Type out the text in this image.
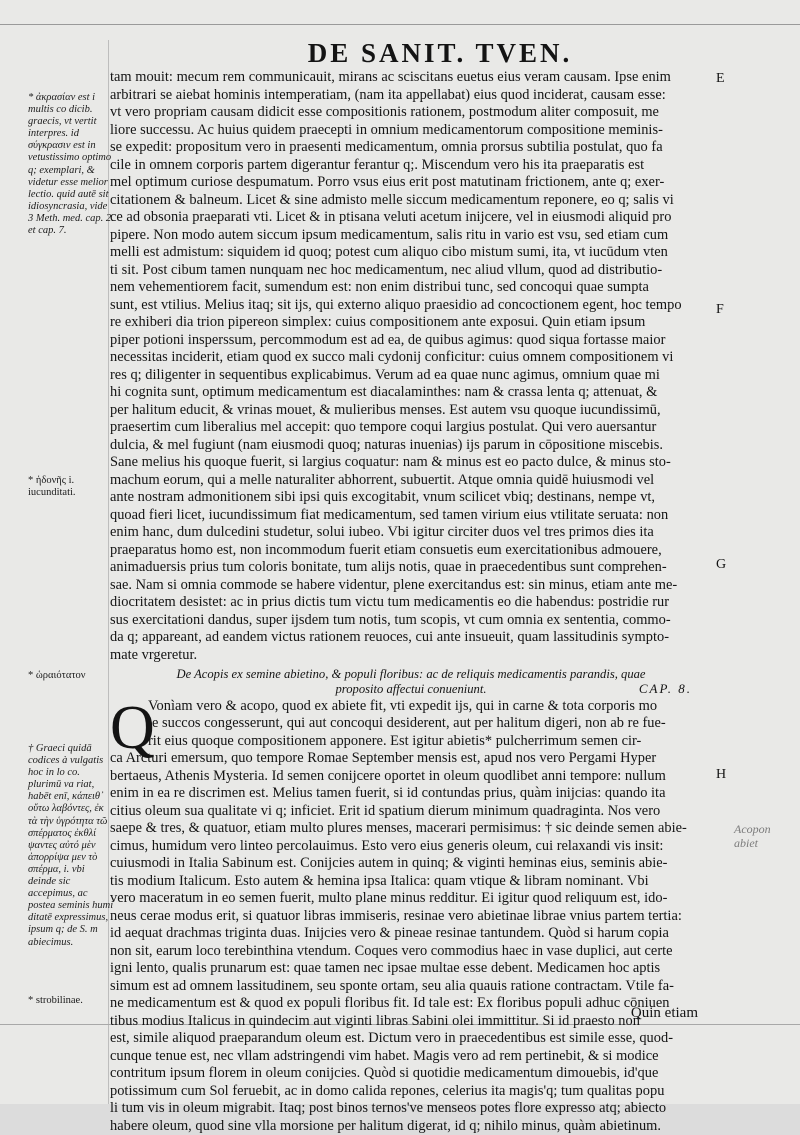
DE SANIT. TVEN.
* ἀκρασίαν est i multis co dicib. graecis, vt vertit interpres. id σύγκρασιν est in vetustissimo optimo q; exemplari, & videtur esse melior lectio. quid autē sit idiosyncrasia, vide 3 Meth. med. cap. 2. et cap. 7.
* ἡδονῆς i. iucunditati.
* ὡραιότατον
† Graeci quidā codices à vulgatis hoc in lo co. plurimū va riat, habēt enī, κάπειθ᾽ οὕτω λαβόντες, ἐκ τὰ τὴν ὑγρότητα τῶ σπέρματος ἐκθλί ψαντες αὐτό μὲν ἀπορρίψα μεν τὸ σπέρμα, i. vbi deinde sic accepimus, ac postea seminis humi ditatē expressimus, ipsum q; de S. m abiecimus.
* strobilinae.
tam mouit: mecum rem communicauit, mirans ac sciscitans euetus eius veram causam. Ipse enim
arbitrari se aiebat hominis intemperatiam, (nam ita appellabat) eius quod inciderat, causam esse:
vt vero propriam causam didicit esse compositionis rationem, postmodum aliter composuit, me
liore successu. Ac huius quidem praecepti in omnium medicamentorum compositione meminis-
se expedit: propositum vero in praesenti medicamentum, omnia prorsus subtilia postulat, quo fa
cile in omnem corporis partem digerantur ferantur q;. Miscendum vero his ita praeparatis est
mel optimum curiose despumatum. Porro vsus eius erit post matutinam frictionem, ante q; exer-
citationem & balneum. Licet & sine admisto melle siccum medicamentum reponere, eo q; salis vi
ce ad obsonia praeparati vti. Licet & in ptisana veluti acetum inijcere, vel in eiusmodi aliquid pro
pipere. Non modo autem siccum ipsum medicamentum, salis ritu in vario est vsu, sed etiam cum
melli est admistum: siquidem id quoq; potest cum aliquo cibo mistum sumi, ita, vt iucūdum vten
ti sit. Post cibum tamen nunquam nec hoc medicamentum, nec aliud vllum, quod ad distributio-
nem vehementiorem facit, sumendum est: non enim distribui tunc, sed concoqui quae sumpta
sunt, est vtilius. Melius itaq; sit ijs, qui externo aliquo praesidio ad concoctionem egent, hoc tempo
re exhiberi dia trion pipereon simplex: cuius compositionem ante exposui. Quin etiam ipsum
piper potioni insperssum, percommodum est ad ea, de quibus agimus: quod siqua fortasse maior
necessitas inciderit, etiam quod ex succo mali cydonij conficitur: cuius omnem compositionem vi
res q; diligenter in sequentibus explicabimus. Verum ad ea quae nunc agimus, omnium quae mi
hi cognita sunt, optimum medicamentum est diacalaminthes: nam & crassa lenta q; attenuat, &
per halitum educit, & vrinas mouet, & mulieribus menses. Est autem vsu quoque iucundissimū,
praesertim cum liberalius mel accepit: quo tempore coqui largius postulat. Qui vero auersantur
dulcia, & mel fugiunt (nam eiusmodi quoq; naturas inuenias) ijs parum in cōpositione miscebis.
Sane melius his quoque fuerit, si largius coquatur: nam & minus est eo pacto dulce, & minus sto-
machum eorum, qui a melle naturaliter abhorrent, subuertit. Atque omnia quidē huiusmodi vel
ante nostram admonitionem sibi ipsi quis excogitabit, vnum scilicet vbiq; destinans, nempe vt,
quoad fieri licet, iucundissimum fiat medicamentum, sed tamen virium eius vtilitate seruata: non
enim hanc, dum dulcedini studetur, solui iubeo. Vbi igitur circiter duos vel tres primos dies ita
praeparatus homo est, non incommodum fuerit etiam consuetis eum exercitationibus admouere,
animaduersis prius tum coloris bonitate, tum alijs notis, quae in praecedentibus sunt comprehen-
sae. Nam si omnia commode se habere videntur, plene exercitandus est: sin minus, etiam ante me-
diocritatem desistet: ac in prius dictis tum victu tum medicamentis eo die habendus: postridie rur
sus exercitationi dandus, super ijsdem tum notis, tum scopis, vt cum omnia ex sententia, commo-
da q; appareant, ad eandem victus rationem reuoces, cui ante insueuit, quam lassitudinis sympto-
mate vrgeretur.
De Acopis ex semine abietino, & populi floribus: ac de reliquis medicamentis parandis, quae
proposito affectui conueniunt.	CAP. 8.
Q
Vonìam vero & acopo, quod ex abiete fit, vti expedit ijs, qui in carne & tota corporis mo
le succos congesserunt, qui aut concoqui desiderent, aut per halitum digeri, non ab re fue-
rit eius quoque compositionem apponere. Est igitur abietis* pulcherrimum semen cir-
ca Arcturi emersum, quo tempore Romae September mensis est, apud nos vero Pergami Hyper
bertaeus, Athenis Mysteria. Id semen conijcere oportet in oleum quodlibet anni tempore: nullum
enim in ea re discrimen est. Melius tamen fuerit, si id contundas prius, quàm inijcias: quando ita
citius oleum sua qualitate vi q; inficiet. Erit id spatium dierum minimum quadraginta. Nos vero
saepe & tres, & quatuor, etiam multo plures menses, macerari permisimus: † sic deinde semen abie-
cimus, humidum vero linteo percolauimus. Esto vero eius generis oleum, cui relaxandi vis insit:
cuiusmodi in Italia Sabinum est. Conijcies autem in quinq; & viginti heminas eius, seminis abie-
tis modium Italicum. Esto autem & hemina ipsa Italica: quam vtique & libram nominant. Vbi
vero maceratum in eo semen fuerit, multo plane minus redditur. Ei igitur quod reliquum est, ido-
neus cerae modus erit, si quatuor libras immiseris, resinae vero abietinae librae vnius partem tertia:
id aequat drachmas triginta duas. Inijcies vero & pineae resinae tantundem. Quòd si harum copia
non sit, earum loco terebinthina vtendum. Coques vero commodius haec in vase duplici, aut certe
igni lento, qualis prunarum est: quae tamen nec ipsae multae esse debent. Medicamen hoc aptis
simum est ad omnem lassitudinem, seu sponte ortam, seu alia quauis ratione contractam. Vtile fa-
ne medicamentum est & quod ex populi floribus fit. Id tale est: Ex floribus populi adhuc cōniuen
tibus modius Italicus in quindecim aut viginti libras Sabini olei immittitur. Si id praesto non
est, simile aliquod praeparandum oleum est. Dictum vero in praecedentibus est simile esse, quod-
cunque tenue est, nec vllam adstringendi vim habet. Magis vero ad rem pertinebit, & si modice
contritum ipsum florem in oleum conijcies. Quòd si quotidie medicamentum dimouebis, id'que
potissimum cum Sol feruebit, ac in domo calida repones, celerius ita magis'q; tum qualitas popu
li tum vis in oleum migrabit. Itaq; post binos ternos've menseos potes flore expresso atq; abiecto
habere oleum, quod sine vlla morsione per halitum digerat, id q; nihilo minus, quàm abietinum.
Quin etiam
E
F
G
H
Acopon abiet
